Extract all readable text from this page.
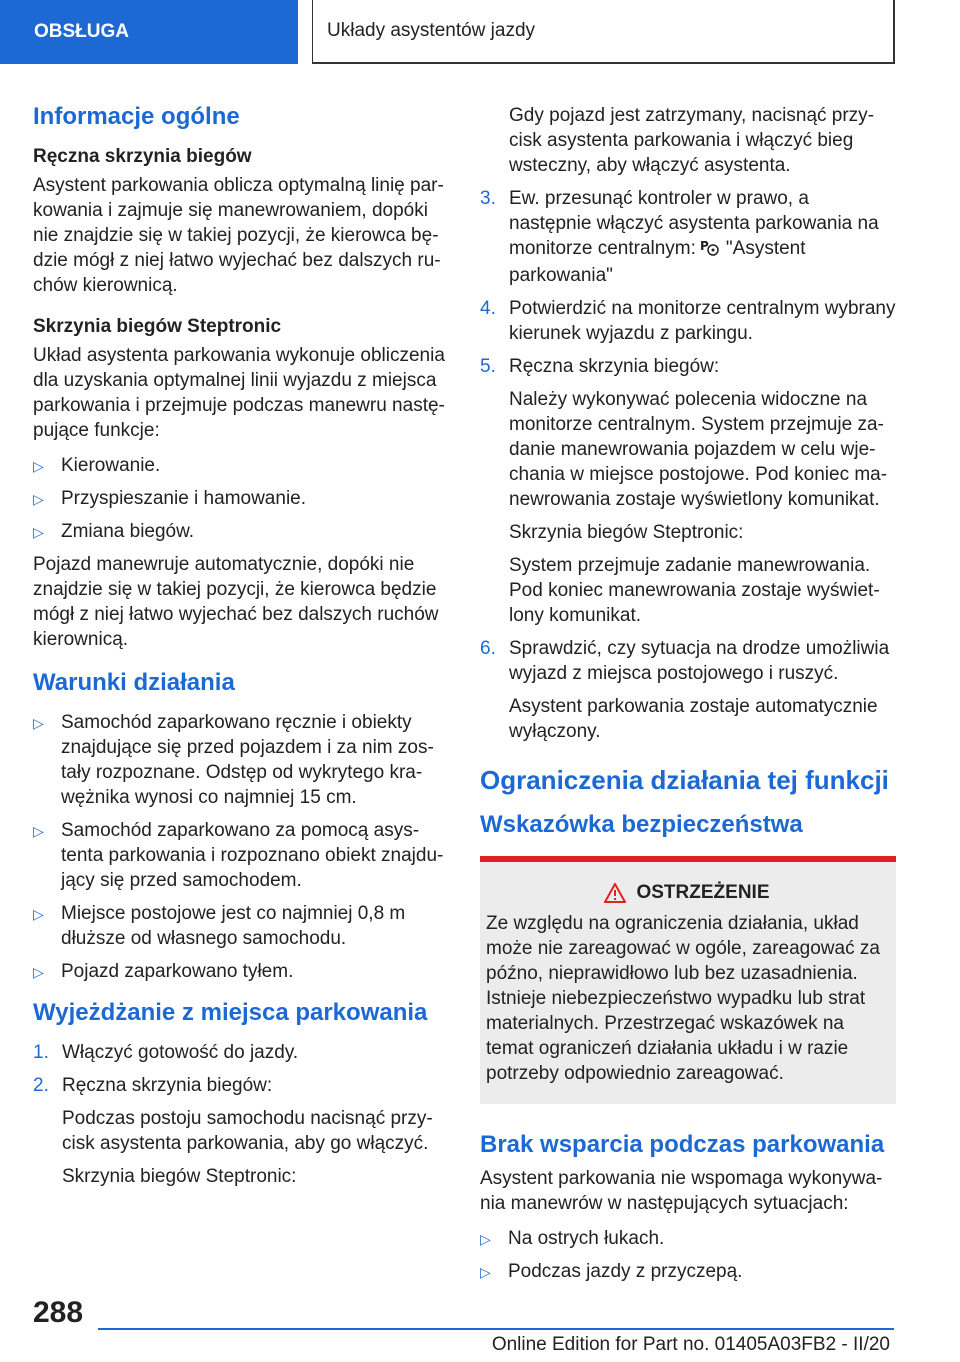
OBSŁUGA	Układy asystentów jazdy
Informacje ogólne
Ręczna skrzynia biegów

Asystent parkowania oblicza optymalną linię parkowania i zajmuje się manewrowaniem, dopóki nie znajdzie się w takiej pozycji, że kierowca będzie mógł z niej łatwo wyjechać bez dalszych ruchów kierownicą.

Skrzynia biegów Steptronic

Układ asystenta parkowania wykonuje obliczenia dla uzyskania optymalnej linii wyjazdu z miejsca parkowania i przejmuje podczas manewru następujące funkcje:

▷ Kierowanie.
▷ Przyspieszanie i hamowanie.
▷ Zmiana biegów.

Pojazd manewruje automatycznie, dopóki nie znajdzie się w takiej pozycji, że kierowca będzie mógł z niej łatwo wyjechać bez dalszych ruchów kierownicą.

Warunki działania
▷ Samochód zaparkowano ręcznie i obiekty znajdujące się przed pojazdem i za nim zostały rozpoznane. Odstęp od wykrytego krawężnika wynosi co najmniej 15 cm.
▷ Samochód zaparkowano za pomocą asystenta parkowania i rozpoznano obiekt znajdujący się przed samochodem.
▷ Miejsce postojowe jest co najmniej 0,8 m dłuższe od własnego samochodu.
▷ Pojazd zaparkowano tyłem.
Wyjeżdżanie z miejsca parkowania
1. Włączyć gotowość do jazdy.
2. Ręczna skrzynia biegów:
Podczas postoju samochodu nacisnąć przycisk asystenta parkowania, aby go włączyć.
Skrzynia biegów Steptronic:
Gdy pojazd jest zatrzymany, nacisnąć przycisk asystenta parkowania i włączyć bieg wsteczny, aby włączyć asystenta.
3. Ew. przesunąć kontroler w prawo, a następnie włączyć asystenta parkowania na monitorze centralnym: P "Asystent parkowania"
4. Potwierdzić na monitorze centralnym wybrany kierunek wyjazdu z parkingu.
5. Ręczna skrzynia biegów:
Należy wykonywać polecenia widoczne na monitorze centralnym. System przejmuje zadanie manewrowania pojazdem w celu wjechania w miejsce postojowe. Pod koniec manewrowania zostaje wyświetlony komunikat.
Skrzynia biegów Steptronic:
System przejmuje zadanie manewrowania. Pod koniec manewrowania zostaje wyświetlony komunikat.
6. Sprawdzić, czy sytuacja na drodze umożliwia wyjazd z miejsca postojowego i ruszyć.
Asystent parkowania zostaje automatycznie wyłączony.
Ograniczenia działania tej funkcji
Wskazówka bezpieczeństwa
OSTRZEŻENIE
Ze względu na ograniczenia działania, układ może nie zareagować w ogóle, zareagować za późno, nieprawidłowo lub bez uzasadnienia. Istnieje niebezpieczeństwo wypadku lub strat materialnych. Przestrzegać wskazówek na temat ograniczeń działania układu i w razie potrzeby odpowiednio zareagować.
Brak wsparcia podczas parkowania

Asystent parkowania nie wspomaga wykonywania manewrów w następujących sytuacjach:

▷ Na ostrych łukach.
▷ Podczas jazdy z przyczepą.
288
Online Edition for Part no. 01405A03FB2 - II/20
